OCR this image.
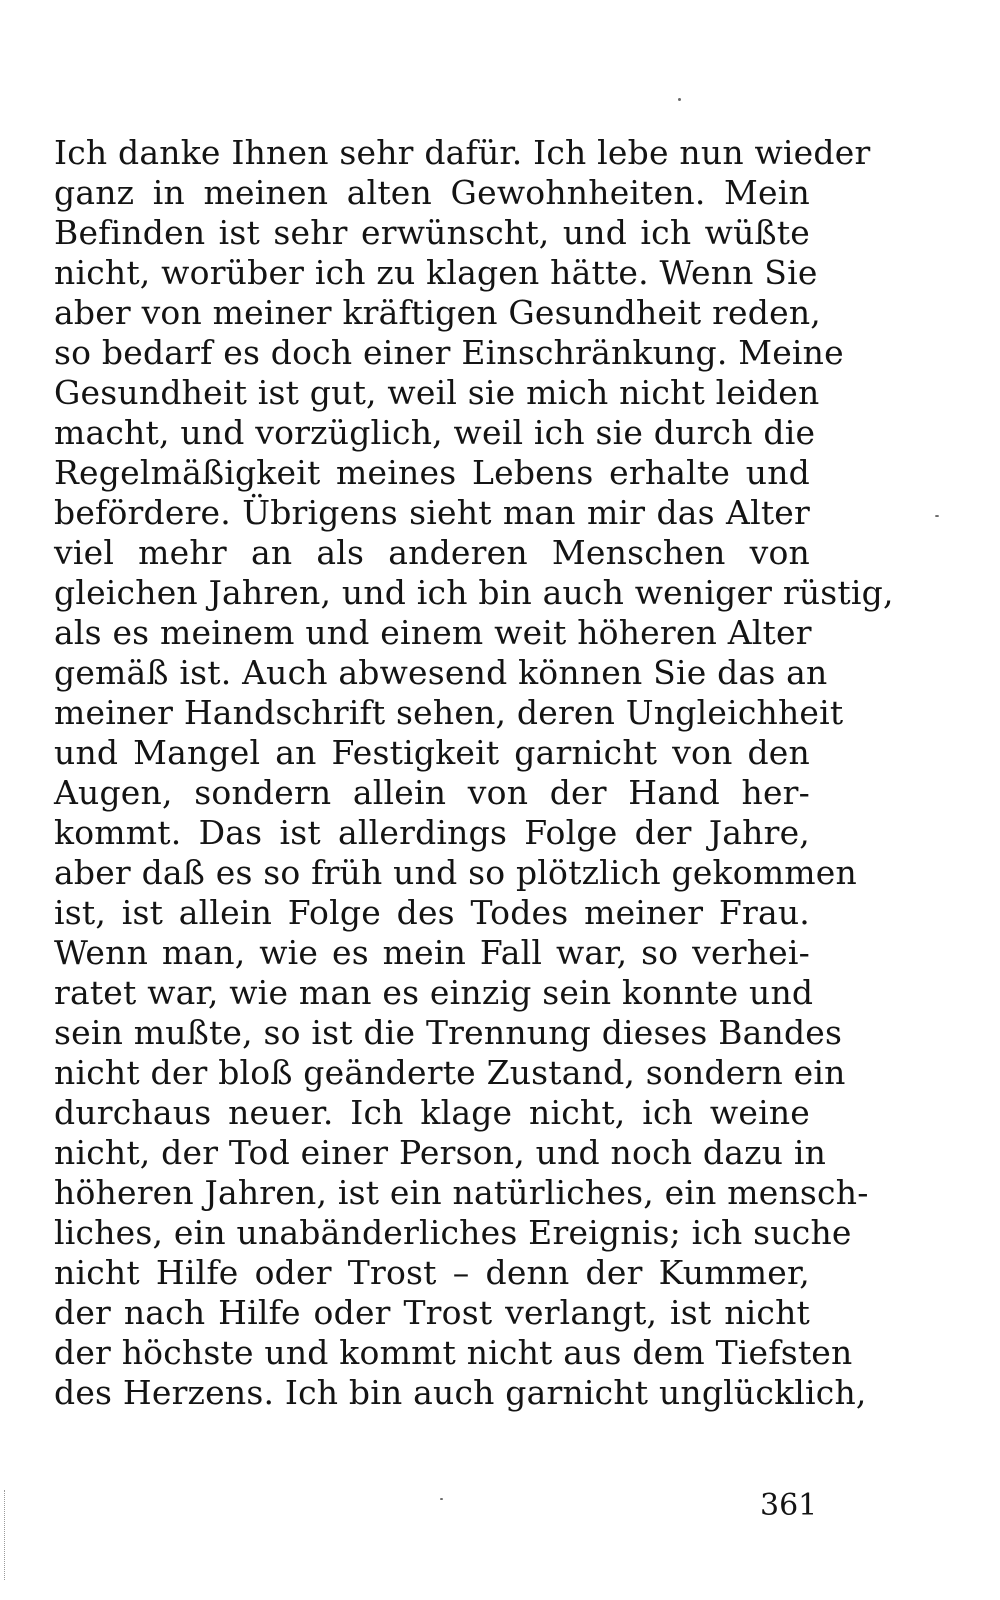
Ich danke Ihnen sehr dafür. Ich lebe nun wieder
ganz in meinen alten Gewohnheiten. Mein
Befinden ist sehr erwünscht, und ich wüßte
nicht, worüber ich zu klagen hätte. Wenn Sie
aber von meiner kräftigen Gesundheit reden,
so bedarf es doch einer Einschränkung. Meine
Gesundheit ist gut, weil sie mich nicht leiden
macht, und vorzüglich, weil ich sie durch die
Regelmäßigkeit meines Lebens erhalte und
befördere. Übrigens sieht man mir das Alter
viel mehr an als anderen Menschen von
gleichen Jahren, und ich bin auch weniger rüstig,
als es meinem und einem weit höheren Alter
gemäß ist. Auch abwesend können Sie das an
meiner Handschrift sehen, deren Ungleichheit
und Mangel an Festigkeit garnicht von den
Augen, sondern allein von der Hand her-
kommt. Das ist allerdings Folge der Jahre,
aber daß es so früh und so plötzlich gekommen
ist, ist allein Folge des Todes meiner Frau.
Wenn man, wie es mein Fall war, so verhei-
ratet war, wie man es einzig sein konnte und
sein mußte, so ist die Trennung dieses Bandes
nicht der bloß geänderte Zustand, sondern ein
durchaus neuer. Ich klage nicht, ich weine
nicht, der Tod einer Person, und noch dazu in
höheren Jahren, ist ein natürliches, ein mensch-
liches, ein unabänderliches Ereignis; ich suche
nicht Hilfe oder Trost – denn der Kummer,
der nach Hilfe oder Trost verlangt, ist nicht
der höchste und kommt nicht aus dem Tiefsten
des Herzens. Ich bin auch garnicht unglücklich,
361
